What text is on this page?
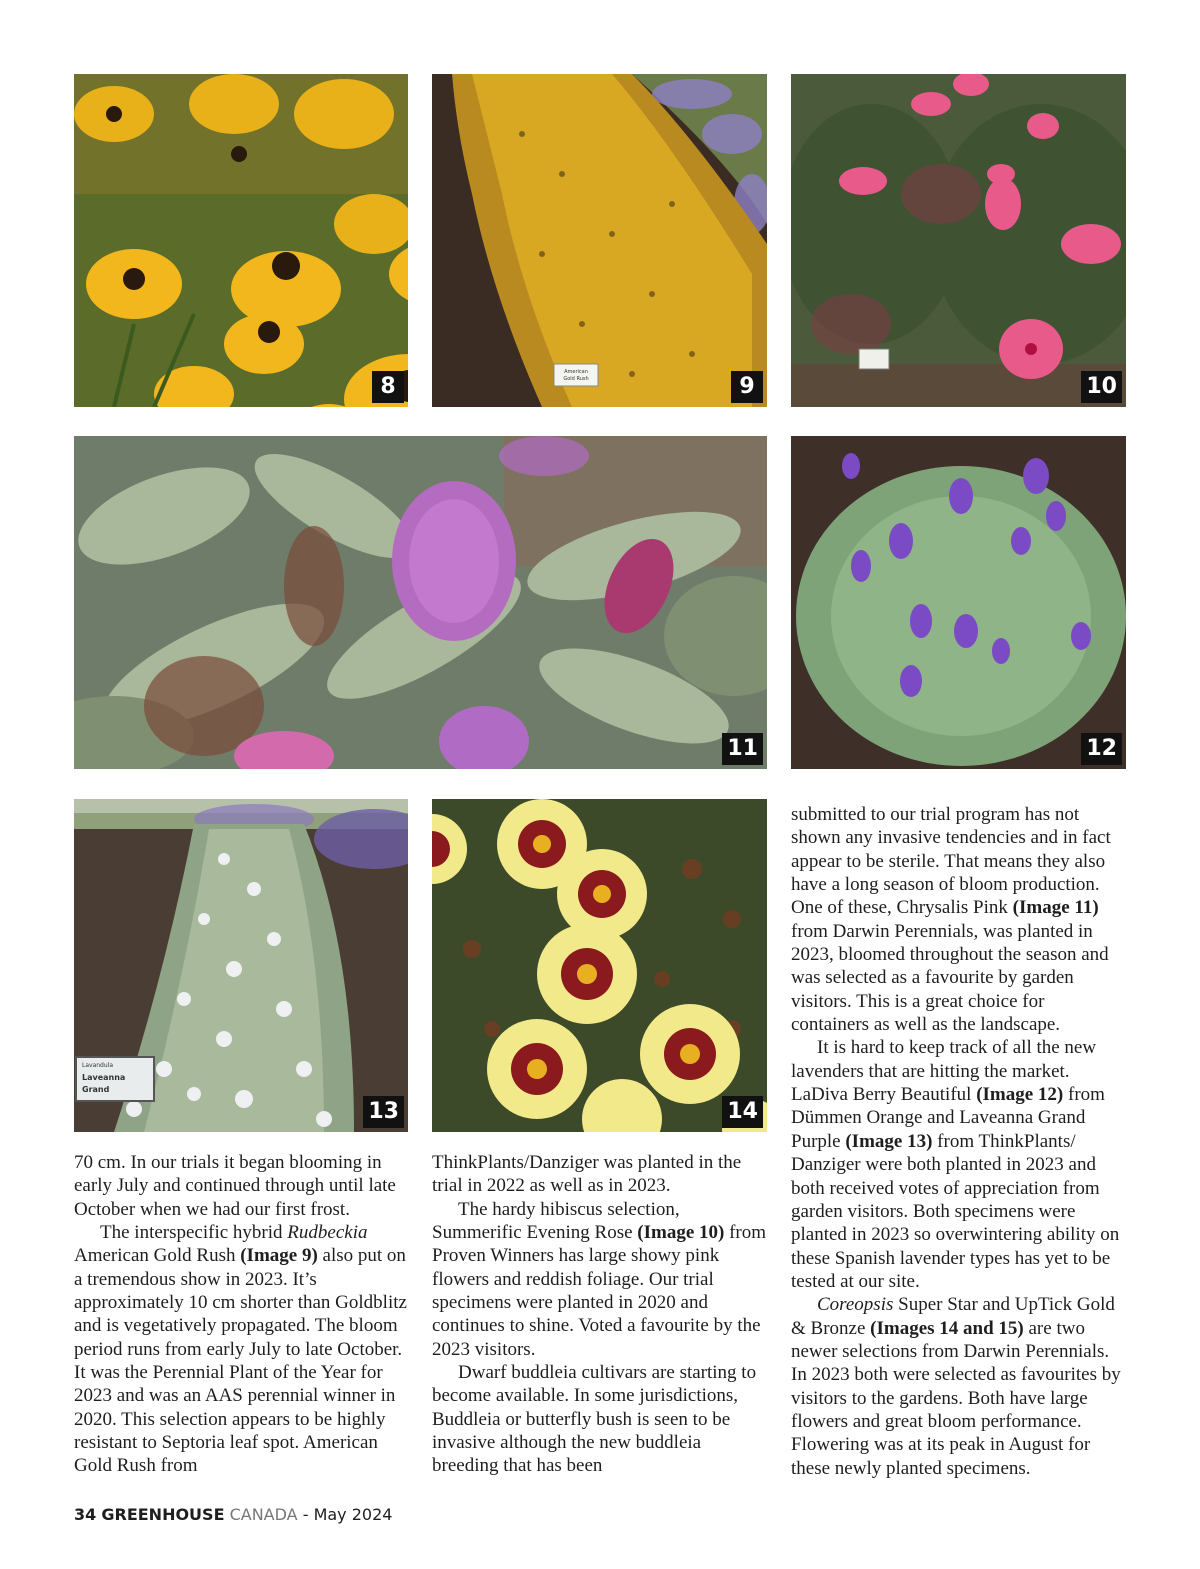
8
American
Gold Rush	9	10
11	12
Lavandula
Laveanna
Grand
13	14

70 cm. In our trials it began blooming in early July and continued through until late October when we had our first frost.

The interspecific hybrid Rudbeckia American Gold Rush (Image 9) also put on a tremendous show in 2023. It’s approximately 10 cm shorter than Goldblitz and is vegetatively propagated. The bloom period runs from early July to late October. It was the Perennial Plant of the Year for 2023 and was an AAS perennial winner in 2020. This selection appears to be highly resistant to Septoria leaf spot. American Gold Rush from

ThinkPlants/Danziger was planted in the trial in 2022 as well as in 2023.

The hardy hibiscus selection, Summerific Evening Rose (Image 10) from Proven Winners has large showy pink flowers and reddish foliage. Our trial specimens were planted in 2020 and continues to shine. Voted a favourite by the 2023 visitors.

Dwarf buddleia cultivars are starting to become available. In some jurisdictions, Buddleia or butterfly bush is seen to be invasive although the new buddleia breeding that has been

submitted to our trial program has not shown any invasive tendencies and in fact appear to be sterile. That means they also have a long season of bloom production. One of these, Chrysalis Pink (Image 11) from Darwin Perennials, was planted in 2023, bloomed throughout the season and was selected as a favourite by garden visitors. This is a great choice for containers as well as the landscape.

It is hard to keep track of all the new lavenders that are hitting the market. LaDiva Berry Beautiful (Image 12) from Dümmen Orange and Laveanna Grand Purple (Image 13) from ThinkPlants/ Danziger were both planted in 2023 and both received votes of appreciation from garden visitors. Both specimens were planted in 2023 so overwintering ability on these Spanish lavender types has yet to be tested at our site.

Coreopsis Super Star and UpTick Gold & Bronze (Images 14 and 15) are two newer selections from Darwin Perennials. In 2023 both were selected as favourites by visitors to the gardens. Both have large flowers and great bloom performance. Flowering was at its peak in August for these newly planted specimens.

34 GREENHOUSE CANADA - May 2024
